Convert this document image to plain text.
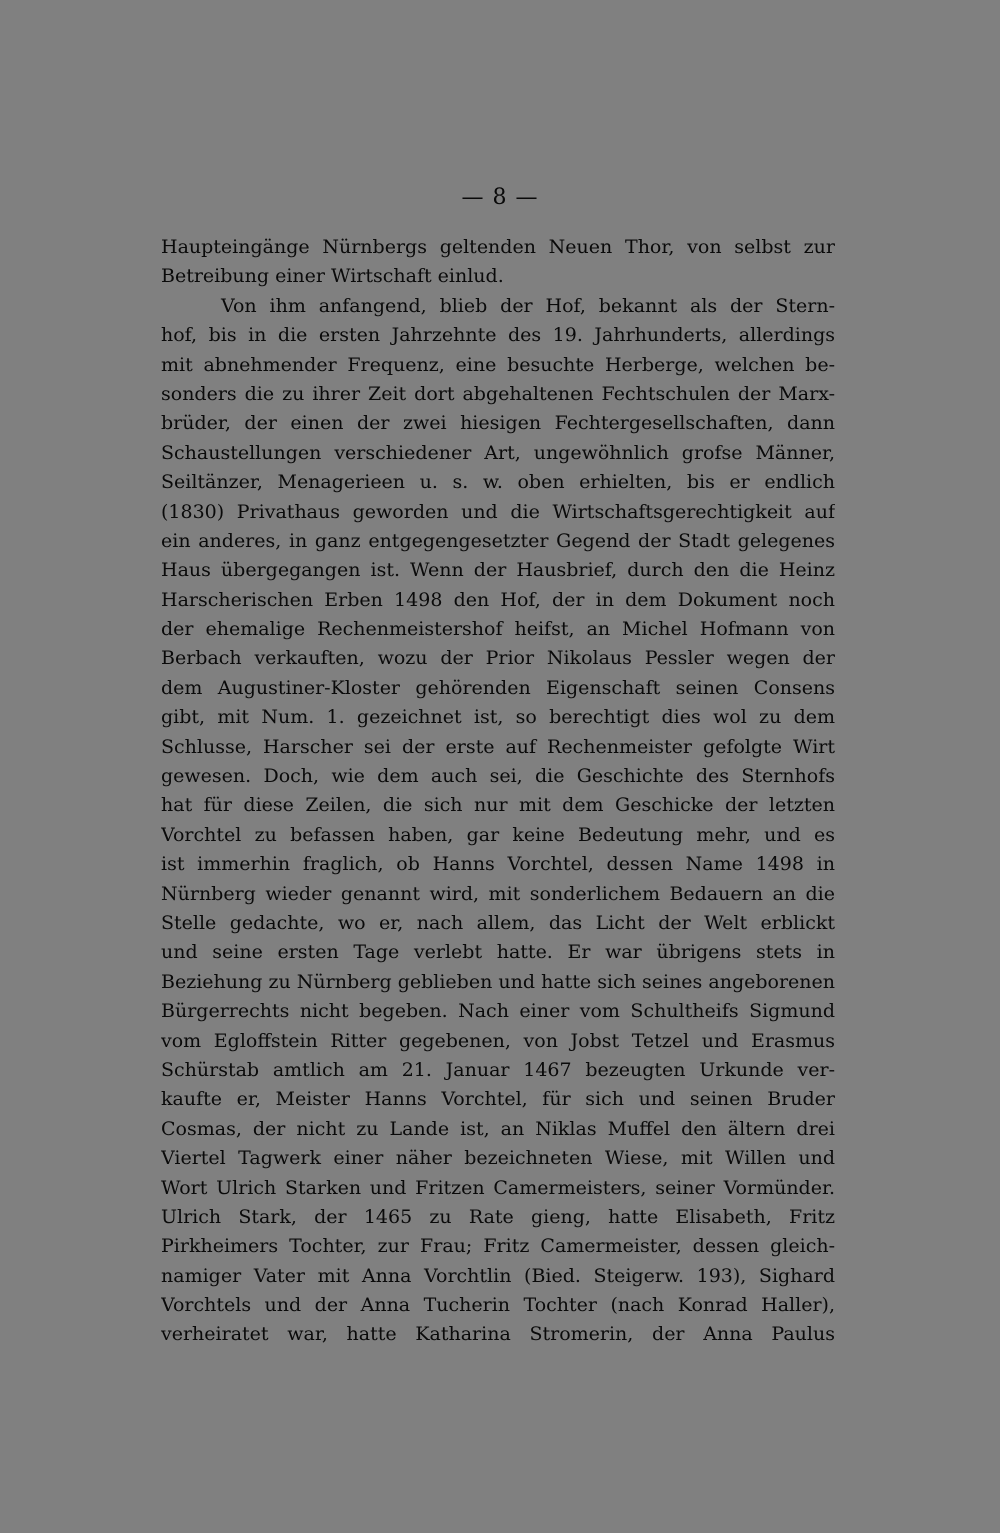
— 8 —
Haupteingänge Nürnbergs geltenden Neuen Thor, von selbst zur
Betreibung einer Wirtschaft einlud.
Von ihm anfangend, blieb der Hof, bekannt als der Stern-
hof, bis in die ersten Jahrzehnte des 19. Jahrhunderts, allerdings
mit abnehmender Frequenz, eine besuchte Herberge, welchen be-
sonders die zu ihrer Zeit dort abgehaltenen Fechtschulen der Marx-
brüder, der einen der zwei hiesigen Fechtergesellschaften, dann
Schaustellungen verschiedener Art, ungewöhnlich grofse Männer,
Seiltänzer, Menagerieen u. s. w. oben erhielten, bis er endlich
(1830) Privathaus geworden und die Wirtschaftsgerechtigkeit auf
ein anderes, in ganz entgegengesetzter Gegend der Stadt gelegenes
Haus übergegangen ist. Wenn der Hausbrief, durch den die Heinz
Harscherischen Erben 1498 den Hof, der in dem Dokument noch
der ehemalige Rechenmeistershof heifst, an Michel Hofmann von
Berbach verkauften, wozu der Prior Nikolaus Pessler wegen der
dem Augustiner-Kloster gehörenden Eigenschaft seinen Consens
gibt, mit Num. 1. gezeichnet ist, so berechtigt dies wol zu dem
Schlusse, Harscher sei der erste auf Rechenmeister gefolgte Wirt
gewesen. Doch, wie dem auch sei, die Geschichte des Sternhofs
hat für diese Zeilen, die sich nur mit dem Geschicke der letzten
Vorchtel zu befassen haben, gar keine Bedeutung mehr, und es
ist immerhin fraglich, ob Hanns Vorchtel, dessen Name 1498 in
Nürnberg wieder genannt wird, mit sonderlichem Bedauern an die
Stelle gedachte, wo er, nach allem, das Licht der Welt erblickt
und seine ersten Tage verlebt hatte. Er war übrigens stets in
Beziehung zu Nürnberg geblieben und hatte sich seines angeborenen
Bürgerrechts nicht begeben. Nach einer vom Schultheifs Sigmund
vom Egloffstein Ritter gegebenen, von Jobst Tetzel und Erasmus
Schürstab amtlich am 21. Januar 1467 bezeugten Urkunde ver-
kaufte er, Meister Hanns Vorchtel, für sich und seinen Bruder
Cosmas, der nicht zu Lande ist, an Niklas Muffel den ältern drei
Viertel Tagwerk einer näher bezeichneten Wiese, mit Willen und
Wort Ulrich Starken und Fritzen Camermeisters, seiner Vormünder.
Ulrich Stark, der 1465 zu Rate gieng, hatte Elisabeth, Fritz
Pirkheimers Tochter, zur Frau; Fritz Camermeister, dessen gleich-
namiger Vater mit Anna Vorchtlin (Bied. Steigerw. 193), Sighard
Vorchtels und der Anna Tucherin Tochter (nach Konrad Haller),
verheiratet war, hatte Katharina Stromerin, der Anna Paulus
